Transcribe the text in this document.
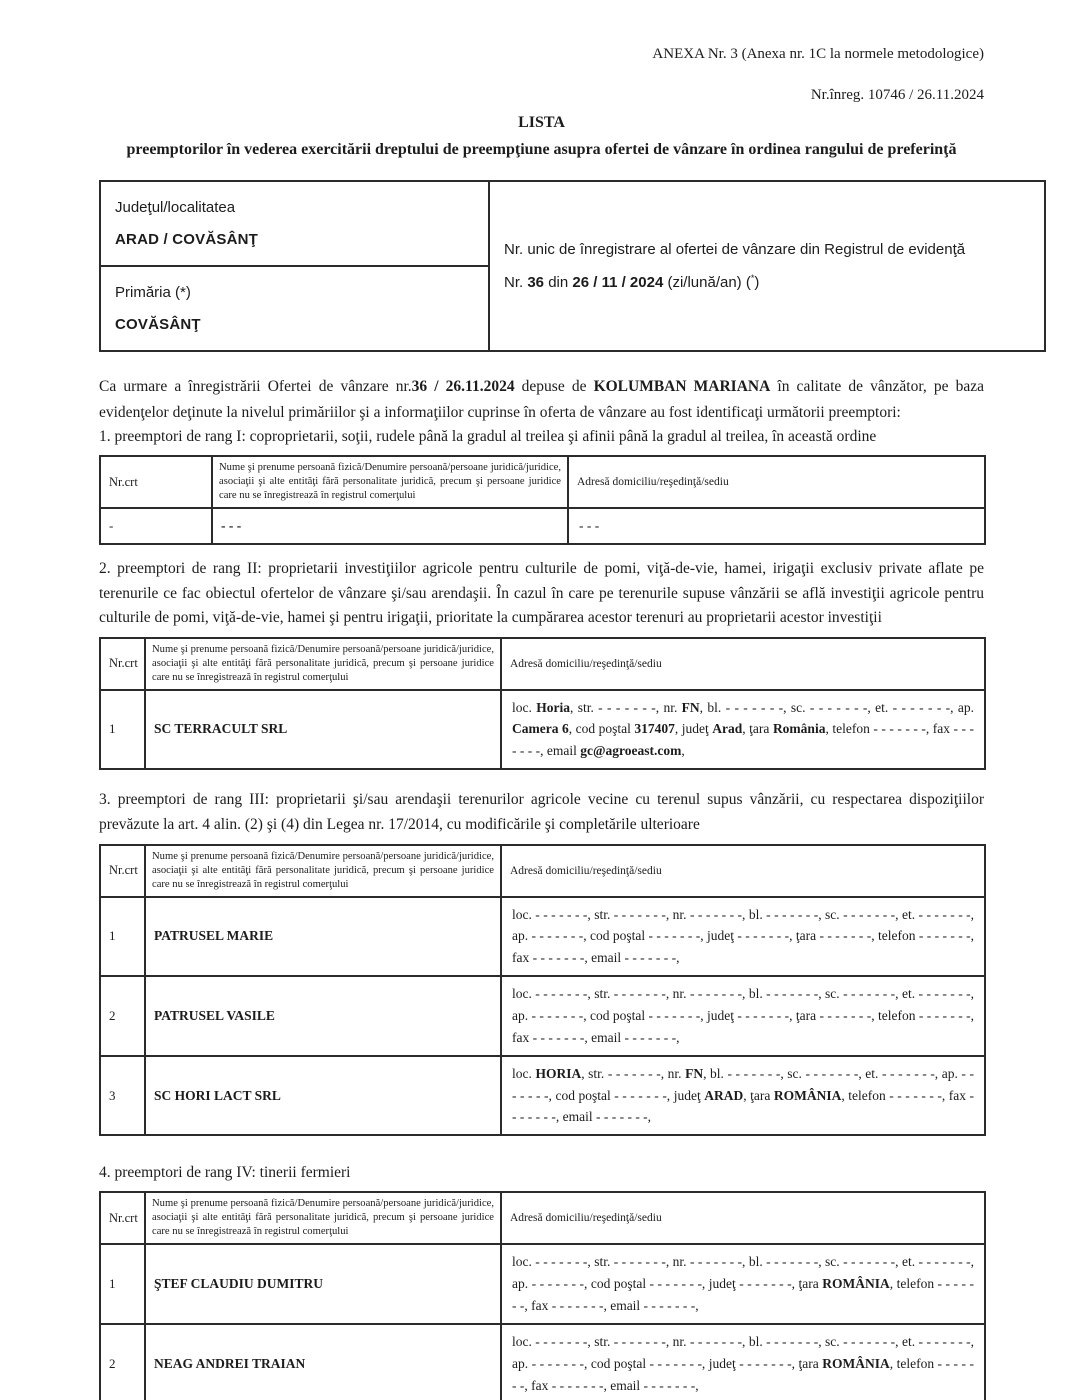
ANEXA Nr. 3 (Anexa nr. 1C la normele metodologice)

Nr.înreg. 10746 / 26.11.2024

LISTA

preemptorilor în vederea exercitării dreptului de preempţiune asupra ofertei de vânzare în ordinea rangului de preferinţă

Judeţul/localitatea
ARAD / COVĂSÂNŢ

Nr. unic de înregistrare al ofertei de vânzare din Registrul de evidenţă
Nr. 36 din 26 / 11 / 2024 (zi/lună/an) (*)

Primăria (*)
COVĂSÂNŢ

Ca urmare a înregistrării Ofertei de vânzare nr.36 / 26.11.2024 depuse de KOLUMBAN MARIANA în calitate de vânzător, pe baza evidenţelor deţinute la nivelul primăriilor şi a informaţiilor cuprinse în oferta de vânzare au fost identificaţi următorii preemptori:

1. preemptori de rang I: coproprietarii, soţii, rudele până la gradul al treilea şi afinii până la gradul al treilea, în această ordine

Nr.crt	Nume şi prenume persoană fizică/Denumire persoană/persoane juridică/juridice, asociaţii şi alte entităţi fără personalitate juridică, precum şi persoane juridice care nu se înregistrează în registrul comerţului	Adresă domiciliu/reşedinţă/sediu
-	- - -	- - -

2. preemptori de rang II: proprietarii investiţiilor agricole pentru culturile de pomi, viţă-de-vie, hamei, irigaţii exclusiv private aflate pe terenurile ce fac obiectul ofertelor de vânzare şi/sau arendaşii. În cazul în care pe terenurile supuse vânzării se află investiţii agricole pentru culturile de pomi, viţă-de-vie, hamei şi pentru irigaţii, prioritate la cumpărarea acestor terenuri au proprietarii acestor investiţii

Nr.crt	Nume şi prenume persoană fizică/Denumire persoană/persoane juridică/juridice, asociaţii şi alte entităţi fără personalitate juridică, precum şi persoane juridice care nu se înregistrează în registrul comerţului	Adresă domiciliu/reşedinţă/sediu
1	SC TERRACULT SRL	loc. Horia, str. - - - - - - -, nr. FN, bl. - - - - - - -, sc. - - - - - - -, et. - - - - - - -, ap. Camera 6, cod poştal 317407, judeţ Arad, ţara România, telefon - - - - - - -, fax - - - - - - -, email gc@agroeast.com,

3. preemptori de rang III: proprietarii şi/sau arendaşii terenurilor agricole vecine cu terenul supus vânzării, cu respectarea dispoziţiilor prevăzute la art. 4 alin. (2) şi (4) din Legea nr. 17/2014, cu modificările şi completările ulterioare

Nr.crt	Nume şi prenume persoană fizică/Denumire persoană/persoane juridică/juridice, asociaţii şi alte entităţi fără personalitate juridică, precum şi persoane juridice care nu se înregistrează în registrul comerţului	Adresă domiciliu/reşedinţă/sediu
1	PATRUSEL MARIE	loc. - - - - - - -, str. - - - - - - -, nr. - - - - - - -, bl. - - - - - - -, sc. - - - - - - -, et. - - - - - - -, ap. - - - - - - -, cod poştal - - - - - - -, judeţ - - - - - - -, ţara - - - - - - -, telefon - - - - - - -, fax - - - - - - -, email - - - - - - -,
2	PATRUSEL VASILE	loc. - - - - - - -, str. - - - - - - -, nr. - - - - - - -, bl. - - - - - - -, sc. - - - - - - -, et. - - - - - - -, ap. - - - - - - -, cod poştal - - - - - - -, judeţ - - - - - - -, ţara - - - - - - -, telefon - - - - - - -, fax - - - - - - -, email - - - - - - -,
3	SC HORI LACT SRL	loc. HORIA, str. - - - - - - -, nr. FN, bl. - - - - - - -, sc. - - - - - - -, et. - - - - - - -, ap. - - - - - - -, cod poştal - - - - - - -, judeţ ARAD, ţara ROMÂNIA, telefon - - - - - - -, fax - - - - - - -, email - - - - - - -,

4. preemptori de rang IV: tinerii fermieri

Nr.crt	Nume şi prenume persoană fizică/Denumire persoană/persoane juridică/juridice, asociaţii şi alte entităţi fără personalitate juridică, precum şi persoane juridice care nu se înregistrează în registrul comerţului	Adresă domiciliu/reşedinţă/sediu
1	ŞTEF CLAUDIU DUMITRU	loc. - - - - - - -, str. - - - - - - -, nr. - - - - - - -, bl. - - - - - - -, sc. - - - - - - -, et. - - - - - - -, ap. - - - - - - -, cod poştal - - - - - - -, judeţ - - - - - - -, ţara ROMÂNIA, telefon - - - - - - -, fax - - - - - - -, email - - - - - - -,
2	NEAG ANDREI TRAIAN	loc. - - - - - - -, str. - - - - - - -, nr. - - - - - - -, bl. - - - - - - -, sc. - - - - - - -, et. - - - - - - -, ap. - - - - - - -, cod poştal - - - - - - -, judeţ - - - - - - -, ţara ROMÂNIA, telefon - - - - - - -, fax - - - - - - -, email - - - - - - -,
